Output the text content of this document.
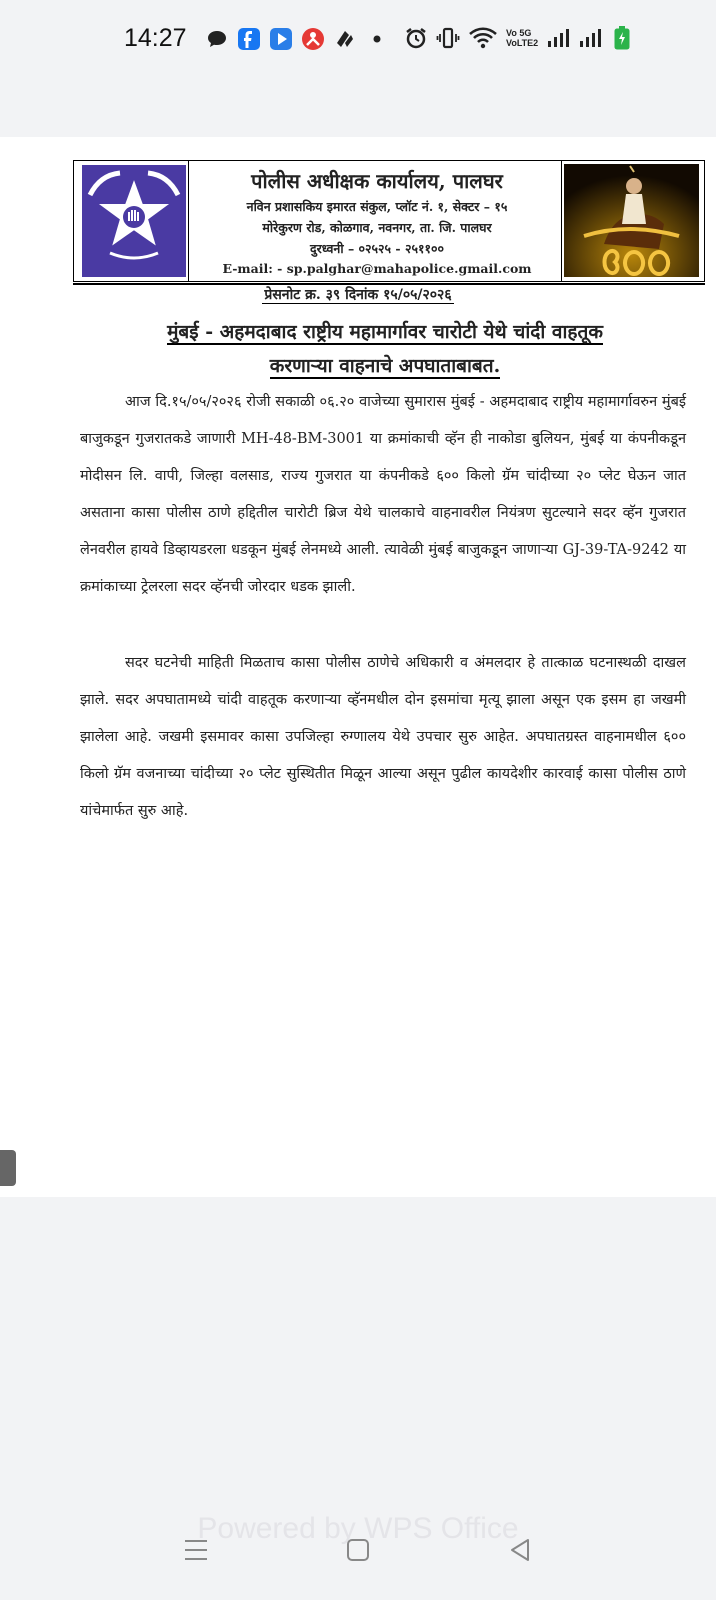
14:27	Vo 5G
VoLTE2
पोलीस अधीक्षक कार्यालय, पालघर
नविन प्रशासकिय इमारत संकुल, प्लॉट नं. १, सेक्टर – १५
मोरेकुरण रोड, कोळगाव, नवनगर, ता. जि. पालघर
दुरध्वनी – ०२५२५ - २५११००
E-mail: - sp.palghar@mahapolice.gmail.com
प्रेसनोट क्र. ३९ दिनांक १५/०५/२०२६
मुंबई - अहमदाबाद राष्ट्रीय महामार्गावर चारोटी येथे चांदी वाहतूक
करणाऱ्या वाहनाचे अपघाताबाबत.
आज दि.१५/०५/२०२६ रोजी सकाळी ०६.२० वाजेच्या सुमारास मुंबई - अहमदाबाद राष्ट्रीय महामार्गावरुन मुंबई बाजुकडून गुजरातकडे जाणारी MH-48-BM-3001 या क्रमांकाची व्हॅन ही नाकोडा बुलियन, मुंबई या कंपनीकडून मोदीसन लि. वापी, जिल्हा वलसाड, राज्य गुजरात या कंपनीकडे ६०० किलो ग्रॅम चांदीच्या २० प्लेट घेऊन जात असताना कासा पोलीस ठाणे हद्दितील चारोटी ब्रिज येथे चालकाचे वाहनावरील नियंत्रण सुटल्याने सदर व्हॅन गुजरात लेनवरील हायवे डिव्हायडरला धडकून मुंबई लेनमध्ये आली. त्यावेळी मुंबई बाजुकडून जाणाऱ्या GJ-39-TA-9242 या क्रमांकाच्या ट्रेलरला सदर व्हॅनची जोरदार धडक झाली.
सदर घटनेची माहिती मिळताच कासा पोलीस ठाणेचे अधिकारी व अंमलदार हे तात्काळ घटनास्थळी दाखल झाले. सदर अपघातामध्ये चांदी वाहतूक करणाऱ्या व्हॅनमधील दोन इसमांचा मृत्यू झाला असून एक इसम हा जखमी झालेला आहे. जखमी इसमावर कासा उपजिल्हा रुग्णालय येथे उपचार सुरु आहेत. अपघातग्रस्त वाहनामधील ६०० किलो ग्रॅम वजनाच्या चांदीच्या २० प्लेट सुस्थितीत मिळून आल्या असून पुढील कायदेशीर कारवाई कासा पोलीस ठाणे यांचेमार्फत सुरु आहे.
Powered by WPS Office
